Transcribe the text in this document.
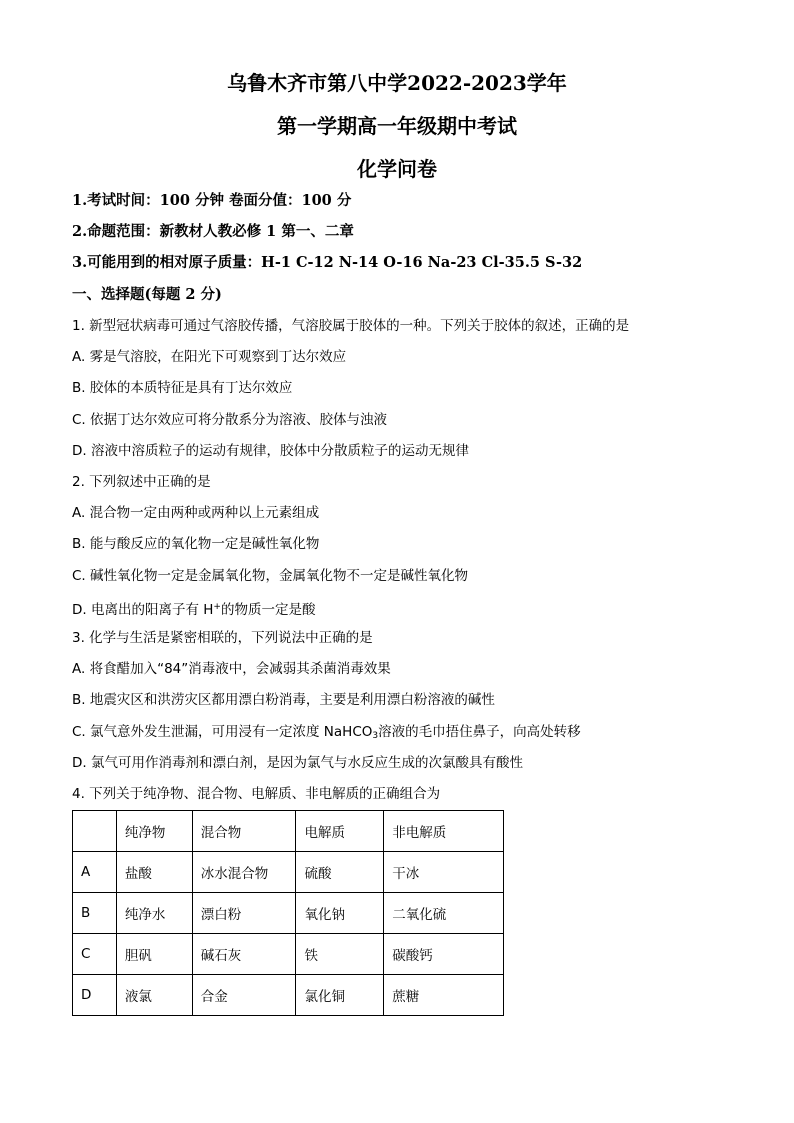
乌鲁木齐市第八中学2022-2023学年
第一学期高一年级期中考试
化学问卷
1.考试时间：100 分钟 卷面分值：100 分
2.命题范围：新教材人教必修 1 第一、二章
3.可能用到的相对原子质量：H-1 C-12 N-14 O-16 Na-23 Cl-35.5 S-32
一、选择题(每题 2 分)
1. 新型冠状病毒可通过气溶胶传播，气溶胶属于胶体的一种。下列关于胶体的叙述，正确的是
A. 雾是气溶胶，在阳光下可观察到丁达尔效应
B. 胶体的本质特征是具有丁达尔效应
C. 依据丁达尔效应可将分散系分为溶液、胶体与浊液
D. 溶液中溶质粒子的运动有规律，胶体中分散质粒子的运动无规律
2. 下列叙述中正确的是
A. 混合物一定由两种或两种以上元素组成
B. 能与酸反应的氧化物一定是碱性氧化物
C. 碱性氧化物一定是金属氧化物，金属氧化物不一定是碱性氧化物
D. 电离出的阳离子有 H+的物质一定是酸
3. 化学与生活是紧密相联的，下列说法中正确的是
A. 将食醋加入“84”消毒液中，会减弱其杀菌消毒效果
B. 地震灾区和洪涝灾区都用漂白粉消毒，主要是利用漂白粉溶液的碱性
C. 氯气意外发生泄漏，可用浸有一定浓度 NaHCO$_3$溶液的毛巾捂住鼻子，向高处转移
D. 氯气可用作消毒剂和漂白剂，是因为氯气与水反应生成的次氯酸具有酸性
4. 下列关于纯净物、混合物、电解质、非电解质的正确组合为
	纯净物	混合物	电解质	非电解质
A	盐酸	冰水混合物	硫酸	干冰
B	纯净水	漂白粉	氧化钠	二氧化硫
C	胆矾	碱石灰	铁	碳酸钙
D	液氯	合金	氯化铜	蔗糖
